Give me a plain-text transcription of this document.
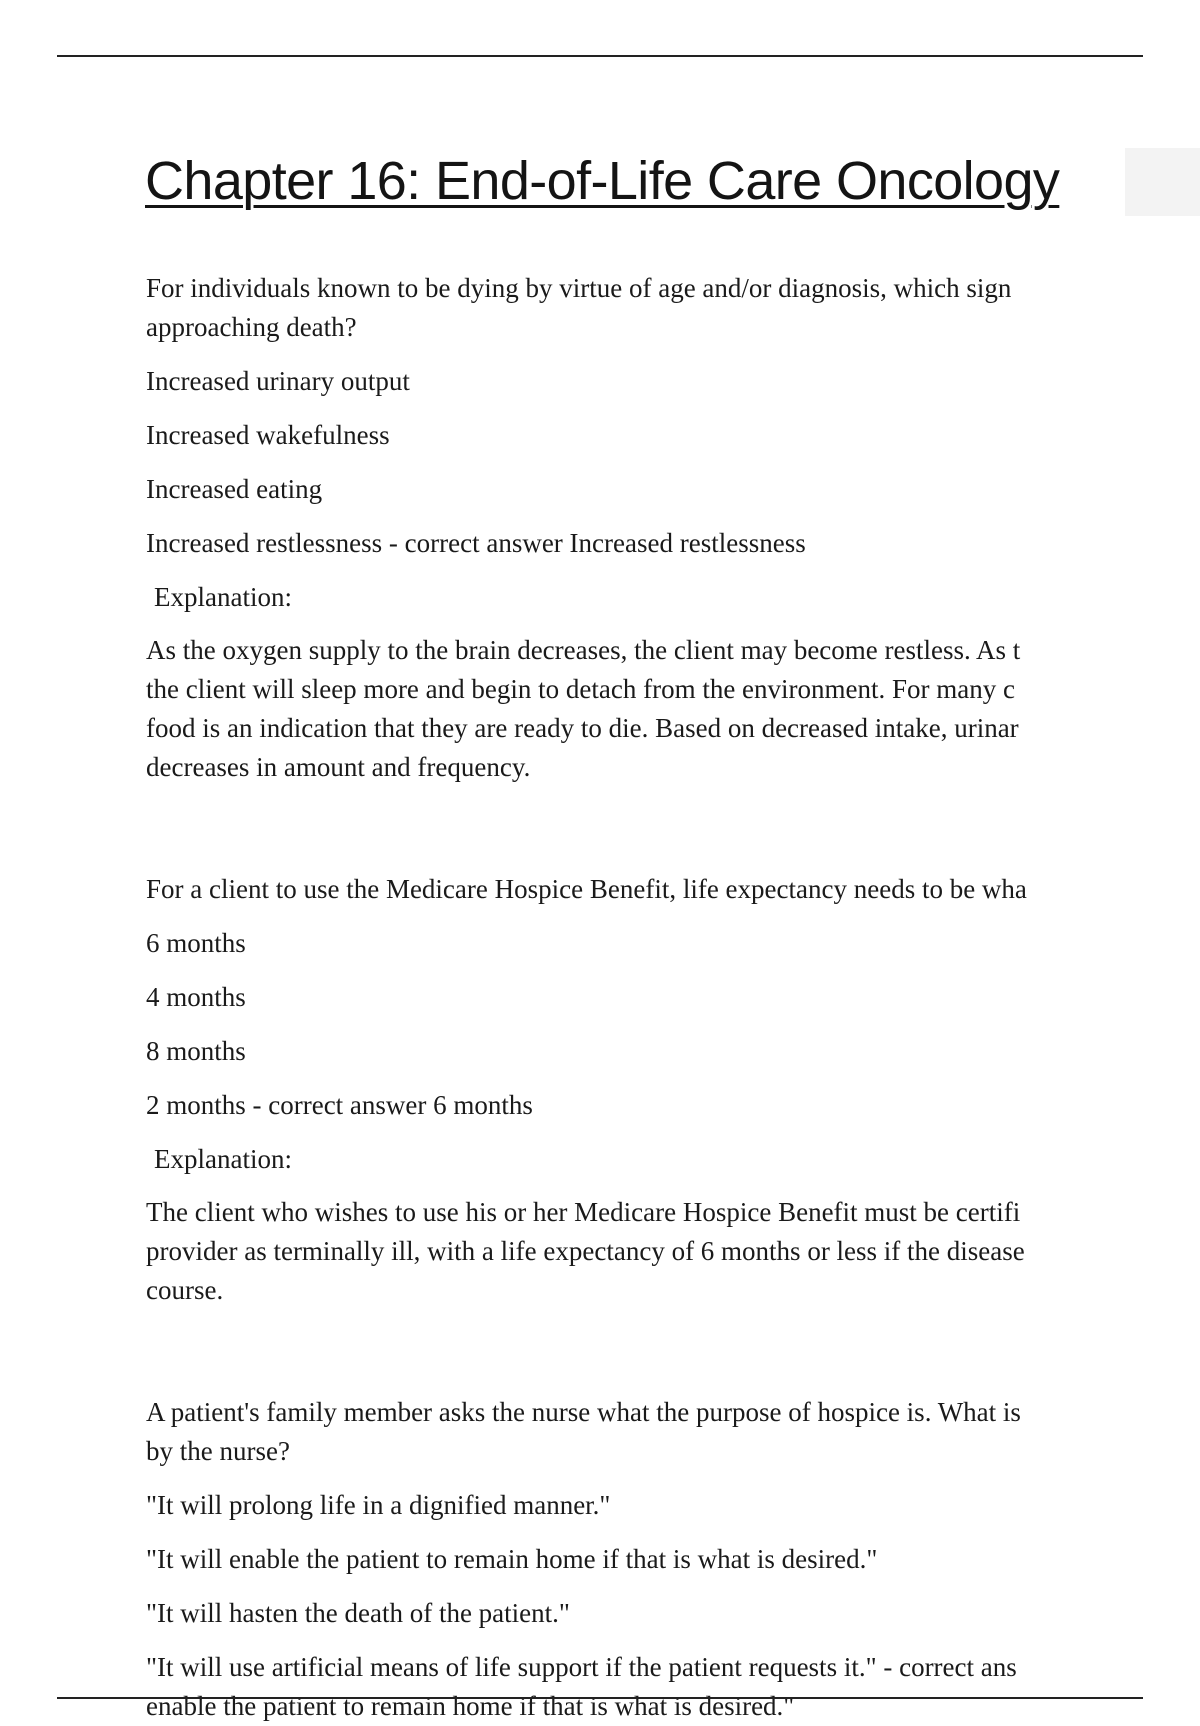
Chapter 16: End-of-Life Care Oncology

For individuals known to be dying by virtue of age and/or diagnosis, which sign
approaching death?

Increased urinary output

Increased wakefulness

Increased eating

Increased restlessness - correct answer Increased restlessness

Explanation:

As the oxygen supply to the brain decreases, the client may become restless. As t
the client will sleep more and begin to detach from the environment. For many c
food is an indication that they are ready to die. Based on decreased intake, urinar
decreases in amount and frequency.

For a client to use the Medicare Hospice Benefit, life expectancy needs to be wha

6 months

4 months

8 months

2 months - correct answer 6 months

Explanation:

The client who wishes to use his or her Medicare Hospice Benefit must be certifi
provider as terminally ill, with a life expectancy of 6 months or less if the disease
course.

A patient's family member asks the nurse what the purpose of hospice is. What is
by the nurse?

"It will prolong life in a dignified manner."

"It will enable the patient to remain home if that is what is desired."

"It will hasten the death of the patient."

"It will use artificial means of life support if the patient requests it." - correct ans
enable the patient to remain home if that is what is desired."
